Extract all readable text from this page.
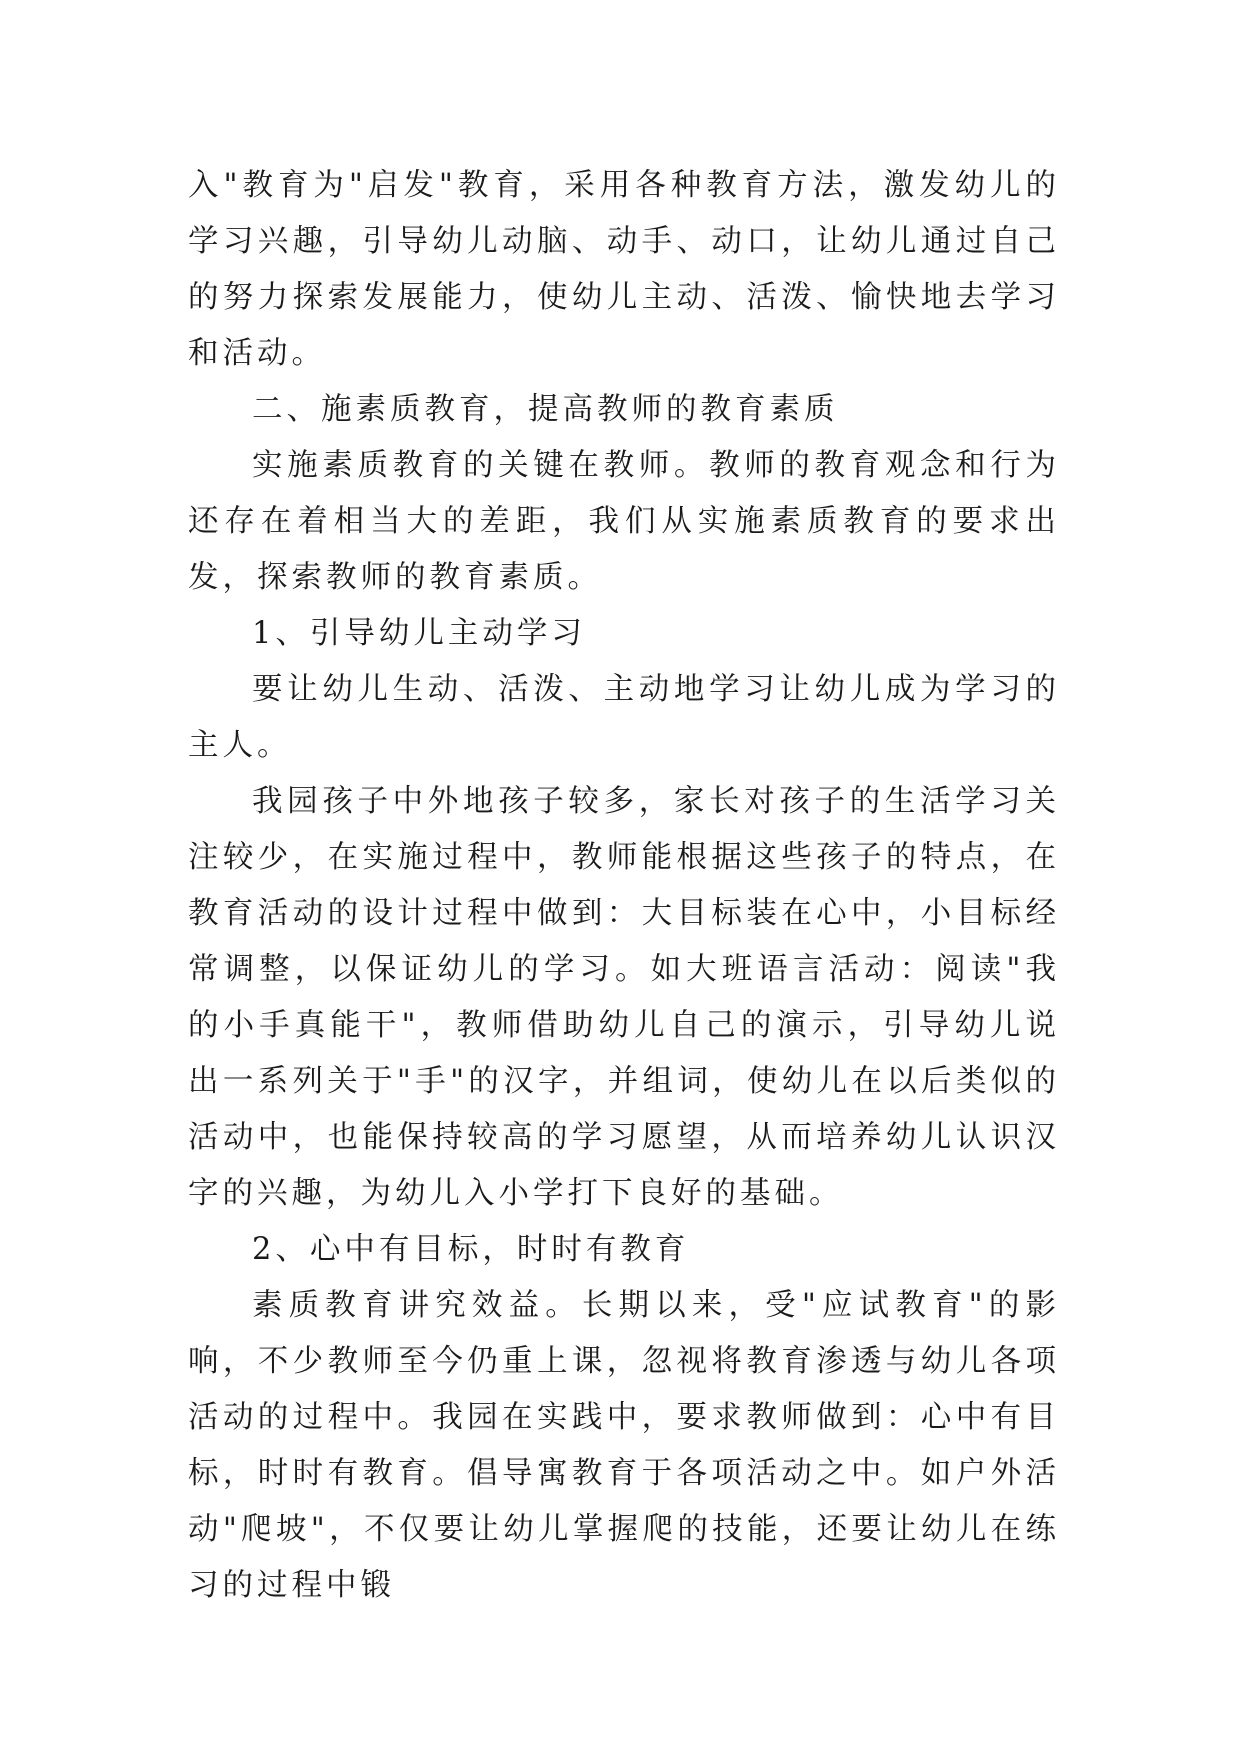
入"教育为"启发"教育，采用各种教育方法，激发幼儿的学习兴趣，引导幼儿动脑、动手、动口，让幼儿通过自己的努力探索发展能力，使幼儿主动、活泼、愉快地去学习和活动。

二、施素质教育，提高教师的教育素质

实施素质教育的关键在教师。教师的教育观念和行为还存在着相当大的差距，我们从实施素质教育的要求出发，探索教师的教育素质。

1、引导幼儿主动学习

要让幼儿生动、活泼、主动地学习让幼儿成为学习的主人。

我园孩子中外地孩子较多，家长对孩子的生活学习关注较少，在实施过程中，教师能根据这些孩子的特点，在教育活动的设计过程中做到：大目标装在心中，小目标经常调整，以保证幼儿的学习。如大班语言活动：阅读"我的小手真能干"，教师借助幼儿自己的演示，引导幼儿说出一系列关于"手"的汉字，并组词，使幼儿在以后类似的活动中，也能保持较高的学习愿望，从而培养幼儿认识汉字的兴趣，为幼儿入小学打下良好的基础。

2、心中有目标，时时有教育

素质教育讲究效益。长期以来，受"应试教育"的影响，不少教师至今仍重上课，忽视将教育渗透与幼儿各项活动的过程中。我园在实践中，要求教师做到：心中有目标，时时有教育。倡导寓教育于各项活动之中。如户外活动"爬坡"，不仅要让幼儿掌握爬的技能，还要让幼儿在练习的过程中锻
